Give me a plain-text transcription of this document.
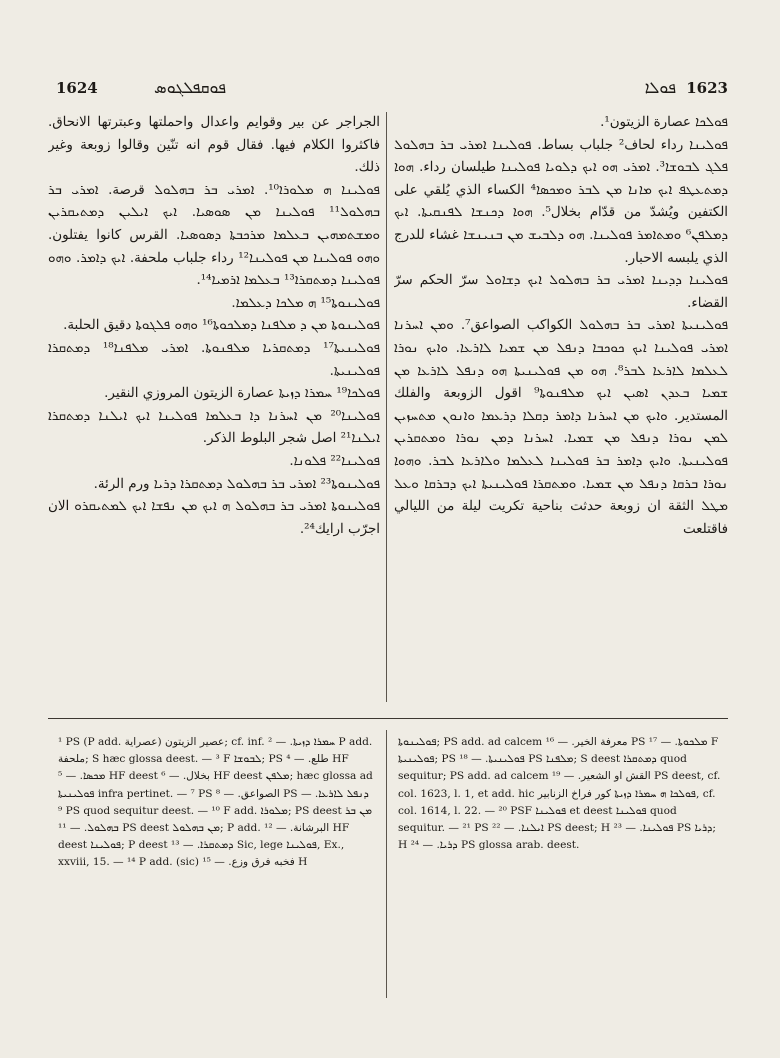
1624	ܦܘܩܦܠܓܘܣ	ܦܘܠܐ 1623

الجراجر عن بير وقوايم واعدال واحملتها وعبترتها الانحاق. فاكثروا الكلام فيها. فقال قوم انه تنّين وقالوا زوبعة وغير ذلك.

ܦܘܠܝܢܐ ܗ ܡܠܘܪܐ¹⁰. ܐܡܪܝ ܒܪ ܒܗܠܘܠ قرصة. ܐܡܪܝ ܒܪ ܒܗܠܘܠ¹¹ ܦܘܠܝܢܐ ܡܢ ܣܘܣܝܐ. ܐܝܟ ܐܝܠܝܢ ܕܡܬܝܩܪܝܢ ܘܡܫܬܡܗܝܢ ܒܥܠܡܐ ܡܪܟܒܬܐ ܕܣܘܣܝܐ. القرس كانوا يفتلون. ܘܗܘ ܦܘܠܝܢܐ ܡܢ ܦܘܠܝܢܐ¹² رداء جلباب ملحفة. ܐܝܟ ܕܐܡܪ. ܘܗܘ ܦܘܠܝܢܐ ܕܡܬܩܪܐ¹³ ܒܥܠܡܐ ܐܪܡܝܐ¹⁴.

ܦܘܠܝܢܘܬܐ¹⁵ ܗ ܡܠܟܐ ܕܥܠܡܐ.

ܦܘܠܝܢܘܬܐ ܡܢ ܕ ܡܠܦܢܐ ܕܡܠܟܘܬܐ¹⁶ ܘܗܘ ܦܠܓܘܬܐ دقيق الحلبة.

ܦܘܠܝܢܝܬܐ¹⁷ ܕܡܬܩܪܝܐ ܡܠܦܢܘܬܐ. ܐܡܪܝ ܡܠܦܢܐ¹⁸ ܕܡܬܩܪܐ ܦܘܠܝܢܝܬܐ.

ܦܘܠܟܐ¹⁹ ܚܡܪܐ ܕܙܝܬܐ عصارة الزيتون المروزي النقير.

ܦܘܠܝܢܐ²⁰ ܡܢ ܐܚܪܢܐ ܕܐ ܒܥܠܡܐ ܦܘܠܝܢܐ ܐܝܟ ܐܝܠܢܐ ܕܡܬܩܪܐ ܐܝܠܢܐ²¹ اصل شجر البلوط الذكر.

ܦܘܠܝܢܐ²² ܦܠܘܢܐ.

ܦܘܠܝܢܘܬܐ²³ ܐܡܪܝ ܒܪ ܒܗܠܘܠ ܕܡܬܩܪܐ ܕܪܝܐ ورم الرئة.

ܦܘܠܝܢܘܬܐ ܐܡܪܝ ܒܪ ܒܗܠܘܠ ܗ ܐܝܟ ܡܢ ܢܦܫܐ ܐܝܟ ܠܡܬܝܩܪܘ الان اجرّب ارايك²⁴.

ܦܘܠܟܐ عصارة الزيتون¹.

ܦܘܠܝܢܐ رداء لحاف² جلباب بساط. ܦܘܠܝܢܐ ܐܡܪܝ ܒܪ ܒܗܠܘܠ ܦܠܓ ܠܒܘܫܐ³. ܐܡܪܝ ܗܘ ܐܝܟ ܕܠܘܝܐ ܦܘܠܝܢܐ طيلسان رداء. ܗܘܐ ܕܡܬܥܛܦ ܐܝܟ ܡܐܢܐ ܡܢ ܠܒܪ ܘܡܟܣܐ⁴ الكساء الذي يُلقي على الكتفين ويُشدّ من قدّام بخلال⁵. ܗܘܐ ܕܟܢܫܐ ܠܦܢܩܝܬܐ. ܐܝܟ ܕܡܠܦܢ⁶ ܘܡܬܐܡܪ ܦܘܠܝܢܐ. ܗܘ ܕܠܒܝܫ ܡܢ ܒܢܝܢܫܐ غشاء للدرج الذي يلبسه الاحبار.

ܦܘܠܝܢܐ ܕܕܝܢܐ ܐܡܪܝ ܒܪ ܒܗܠܘܠ ܐܝܟ ܕܫܐܘܠ سرّ الحكم سرّ القضاء.

ܦܘܠܝܢܝܬܐ ܐܡܪܝ ܒܪ ܒܗܠܘܠ الكواكب الصواعق⁷. ܘܡܢ ܐܚܪܢܐ ܐܡܪܝ ܦܘܠܝܢܐ ܐܝܟ ܟܘܟܒܐ ܕܢܦܠ ܡܢ ܫܡܝܐ ܠܐܪܥܐ. ܘܐܝܟ ܢܘܪܐ ܠܥܠܡܐ ܠܐܪܥܐ ܠܒܪ⁸. ܗܘ ܡܢ ܦܘܠܝܢܝܬܐ ܗܘ ܕܢܦܠ ܠܐܪܥܐ ܡܢ ܫܡܝܐ ܒܥܕܢ ܐܣܝܢ ܐܝܟ ܡܠܦܢܘܬܐ⁹ اقول الزوبعة والفلك المستدير. ܘܐܝܟ ܡܢ ܐܚܪܢܐ ܕܐܡܪ ܕܩܠܐ ܕܪܥܡܐ ܘܐܢܘܢ ܡܬܚܙܝܢ ܠܡܢ ܢܘܪܐ ܕܢܦܠ ܡܢ ܫܡܝܐ. ܐܚܪܢܐ ܕܡܢ ܢܘܪܐ ܘܡܬܩܪܝܢ ܦܘܠܝܢܝܬܐ. ܘܐܝܟ ܕܐܡܪ ܒܪ ܦܘܠܝܢܐ ܠܥܠܡܐ ܘܠܐܪܥܐ ܠܒܪ. ܘܗܘܐ ܢܘܪܐ ܒܪܩܐ ܕܢܦܠ ܡܢ ܫܡܝܐ. ܘܡܬܩܪܐ ܦܘܠܝܢܝܬܐ ܐܝܟ ܕܒܪܩܐ ܘܥܠ ܡܛܠ الثقة ان زوبعة حدثت بناحية تكريت ليلة من الليالي فاقتلعت

¹ PS (P add. عصير الزيتون (عصراية; cf. inf. ܚܡܪܐ ܕܙܝܬܐ. — ² P add. ملحفة; S hæc glossa deest. — ³ F ܠܒܘܫܐ; PS طلع. — ⁴ HF ܡܟܣܐ. — ⁵ HF deest بخلال. — ⁶ HF deest ܡܠܦܢ; hæc glossa ad ܦܘܠܝܢܝܬܐ infra pertinet. — ⁷ PS الصواعق. — ⁸ PS ܕܢܦܠ ܠܐܪܥܐ. — ⁹ PS quod sequitur deest. — ¹⁰ F add. ܡܠܘܪܐ; PS deest ܡܢ ܒܪ ܒܗܠܘܠ. — ¹¹ PS deest ܡܢ ܒܗܠܘܠ; P add. البرشانة. — ¹² HF deest ܦܘܠܝܢܐ; P deest ܕܡܬܩܪܐ. — ¹³ Sic, lege ܦܘܠܝܢܐ, Ex., xxviii, 15. — ¹⁴ P add. (sic) فخبه فرق وزع. — ¹⁵ H

ܦܘܠܝܢܘܬܐ; PS add. ad calcem معرفة الخير. — ¹⁶ PS ܡܠܟܘܬܐ. — ¹⁷ F ܦܘܠܝܢܝܬܐ; PS ܦܘܠܝܢܝܬܐ. — ¹⁸ PS ܡܠܦܢܐ; S deest ܕܡܬܩܪܐ quod sequitur; PS add. ad calcem القش او الشعير. — ¹⁹ PS deest, cf. col. 1623, l. 1, et add. hic ܦܘܠܟܐ ܗ ܚܡܪܐ ܕܙܝܬܐ كور فراخ الزنابير, cf. col. 1614, l. 22. — ²⁰ PSF ܦܘܠܝܢܐ et deest ܦܘܠܝܢܐ quod sequitur. — ²¹ PS ܐܝܠܢܐ. — ²² PS deest; H ܦܘܠܝܢܐ. — ²³ PS ܕܪܝܐ; H ܕܪܝܐ. — ²⁴ PS glossa arab. deest.
